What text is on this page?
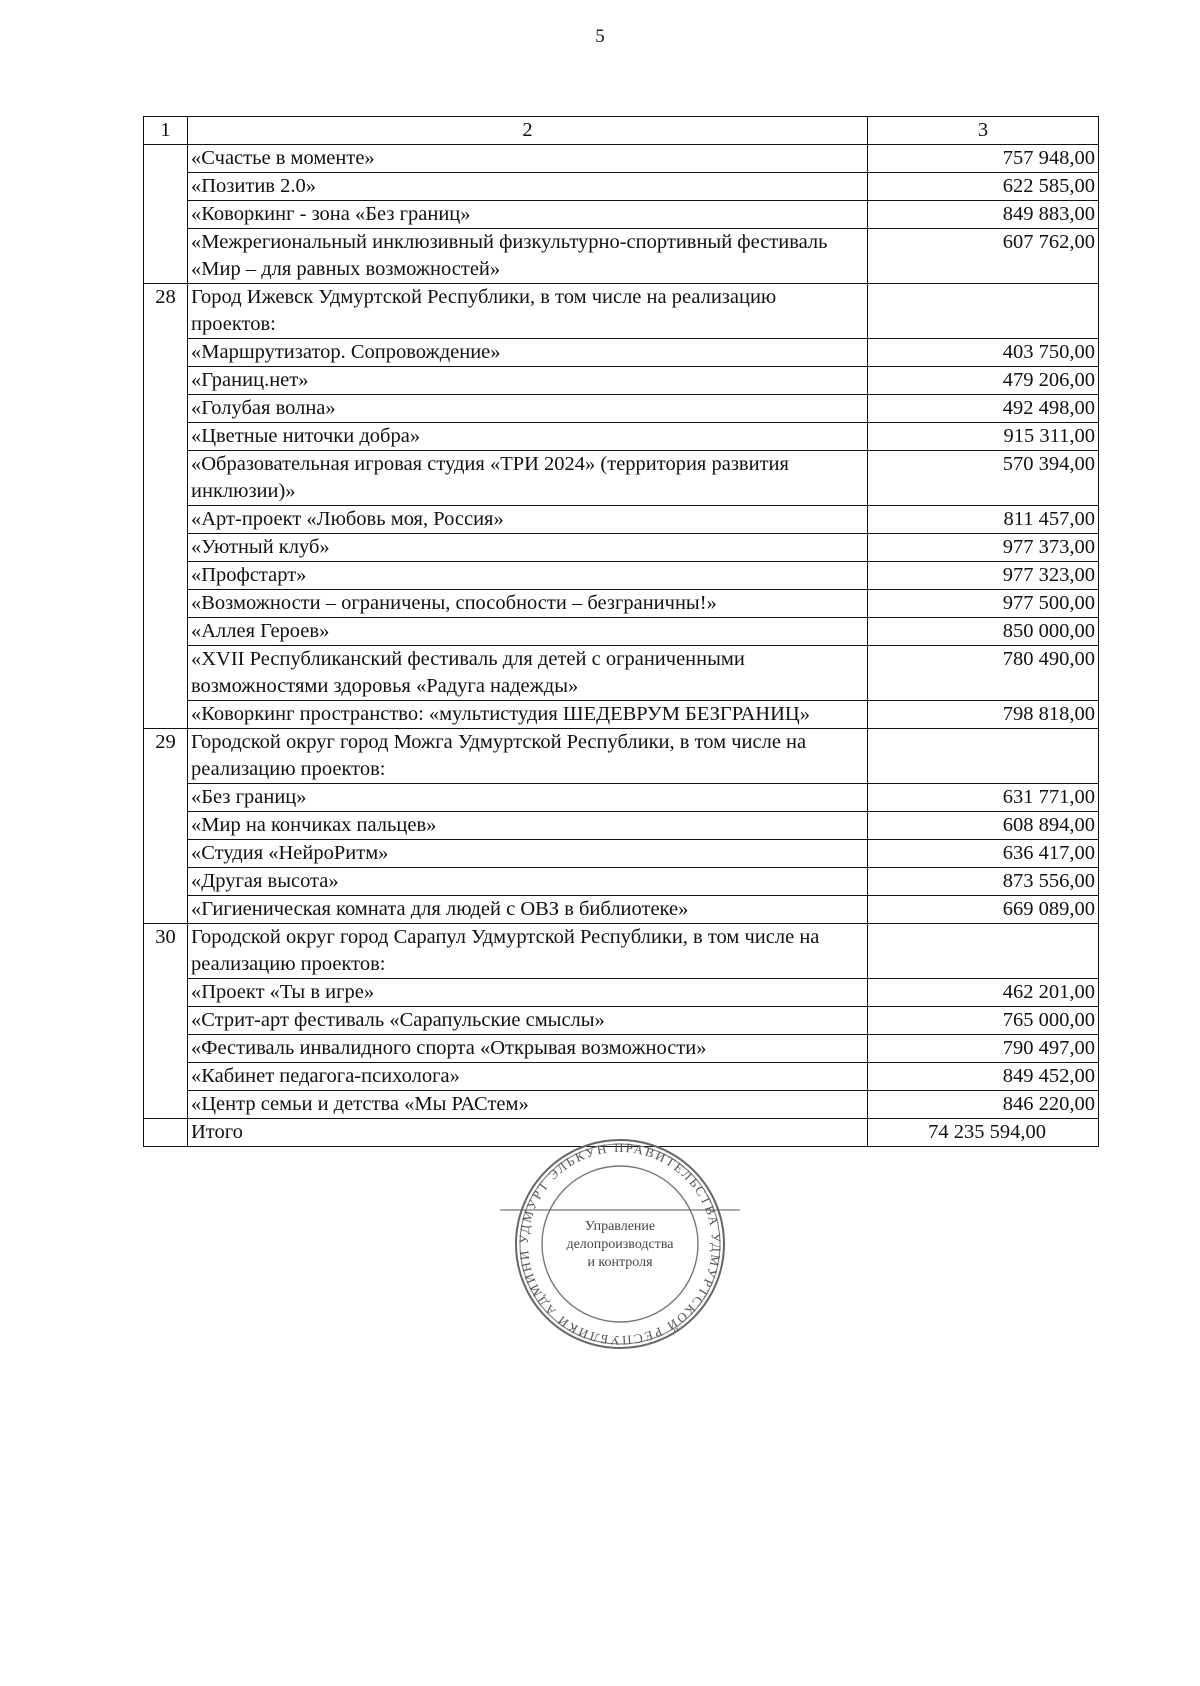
5
1	2	3
	«Счастье в моменте»	757 948,00
	«Позитив 2.0»	622 585,00
	«Коворкинг - зона «Без границ»	849 883,00
	«Межрегиональный инклюзивный физкультурно-спортивный фестиваль «Мир – для равных возможностей»	607 762,00
28	Город Ижевск Удмуртской Республики, в том числе на реализацию проектов:	
	«Маршрутизатор. Сопровождение»	403 750,00
	«Границ.нет»	479 206,00
	«Голубая волна»	492 498,00
	«Цветные ниточки добра»	915 311,00
	«Образовательная игровая студия «ТРИ 2024» (территория развития инклюзии)»	570 394,00
	«Арт-проект «Любовь моя, Россия»	811 457,00
	«Уютный клуб»	977 373,00
	«Профстарт»	977 323,00
	«Возможности – ограничены, способности – безграничны!»	977 500,00
	«Аллея Героев»	850 000,00
	«XVII Республиканский фестиваль для детей с ограниченными возможностями здоровья «Радуга надежды»	780 490,00
	«Коворкинг пространство: «мультистудия ШЕДЕВРУМ БЕЗГРАНИЦ»	798 818,00
29	Городской округ город Можга Удмуртской Республики, в том числе на реализацию проектов:	
	«Без границ»	631 771,00
	«Мир на кончиках пальцев»	608 894,00
	«Студия «НейроРитм»	636 417,00
	«Другая высота»	873 556,00
	«Гигиеническая комната для людей с ОВЗ в библиотеке»	669 089,00
30	Городской округ город Сарапул Удмуртской Республики, в том числе на реализацию проектов:	
	«Проект «Ты в игре»	462 201,00
	«Стрит-арт фестиваль «Сарапульские смыслы»	765 000,00
	«Фестиваль инвалидного спорта «Открывая возможности»	790 497,00
	«Кабинет педагога-психолога»	849 452,00
	«Центр семьи и детства «Мы РАСтем»	846 220,00
	Итого	74 235 594,00
УДМУРТ ЭЛЬКУН ПРАВИТЕЛЬСТВА УДМУРТСКОЙ РЕСПУБЛИКИ АДМИНИ
Управление
делопроизводства
и контроля
